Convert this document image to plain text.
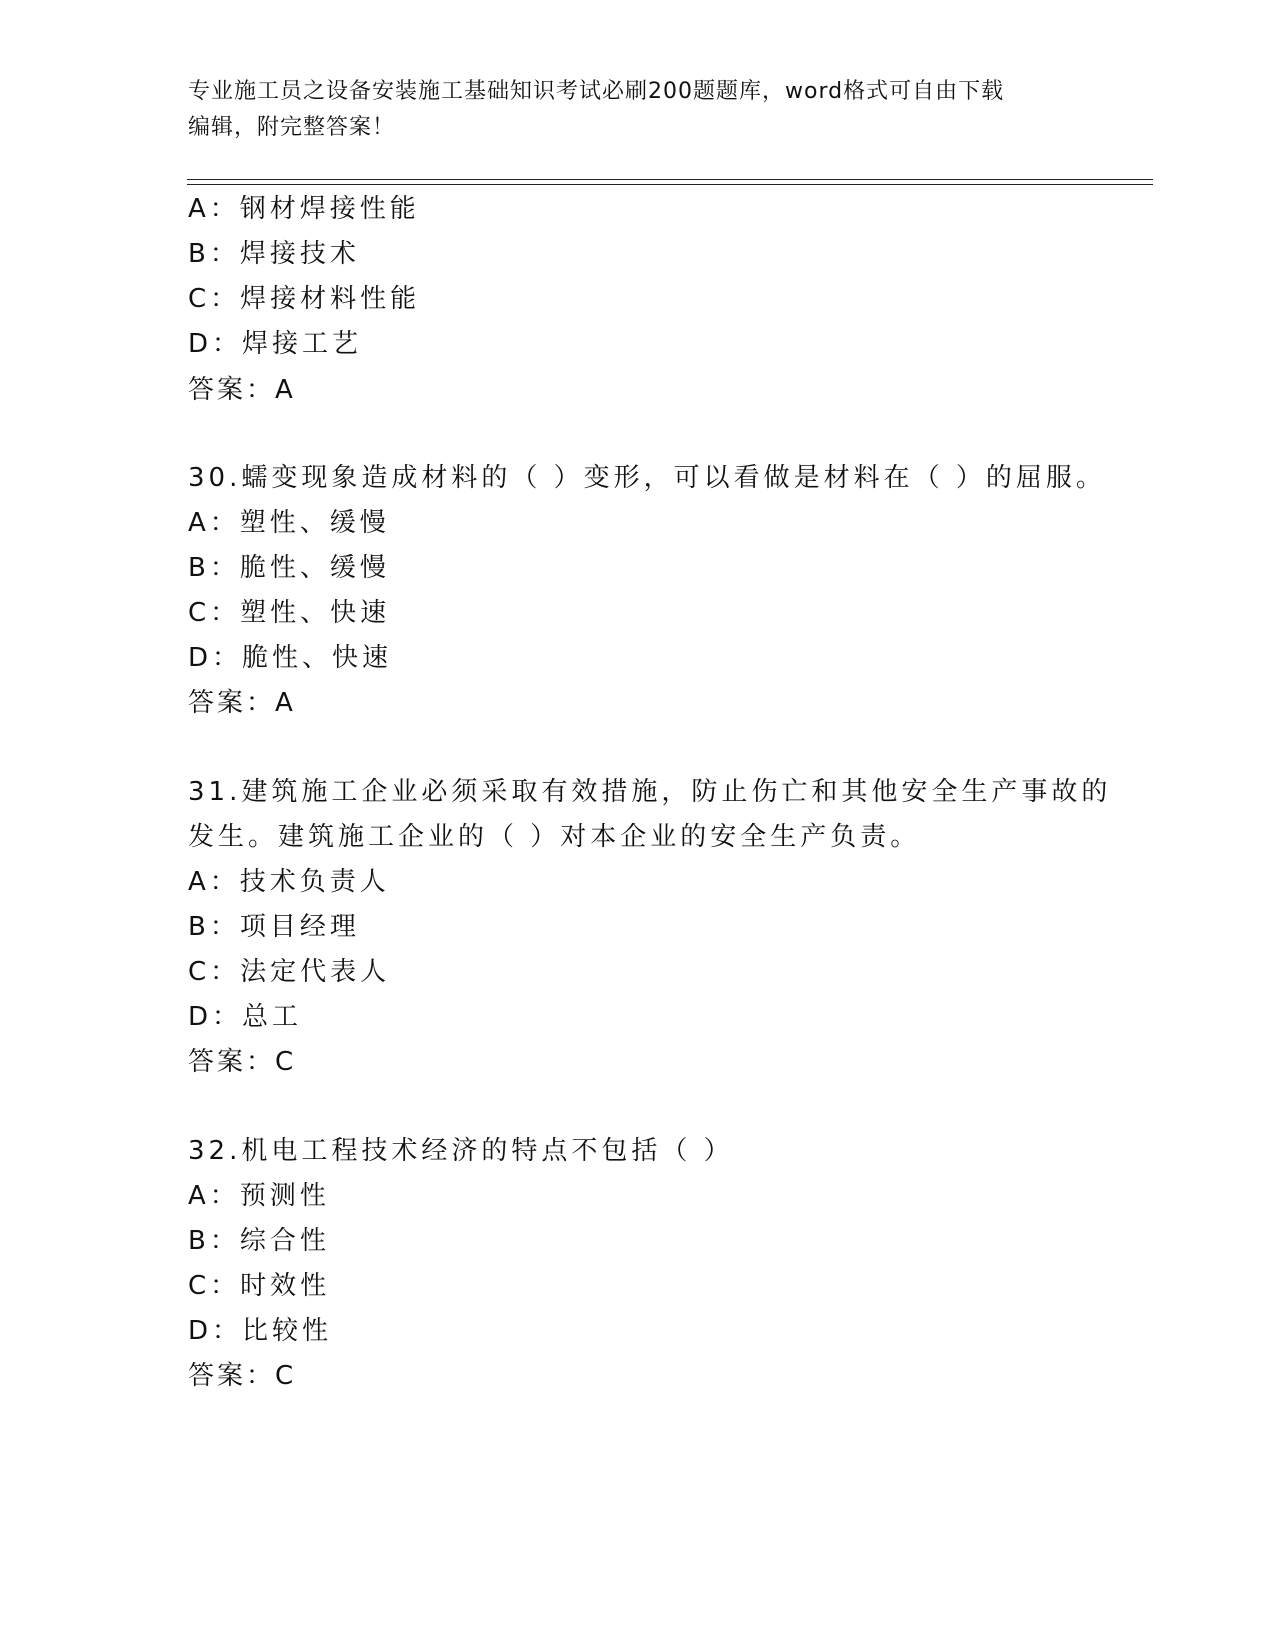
专业施工员之设备安装施工基础知识考试必刷200题题库，word格式可自由下载
编辑，附完整答案！
A：钢材焊接性能
B：焊接技术
C：焊接材料性能
D：焊接工艺
答案：A
30.蠕变现象造成材料的（ ）变形，可以看做是材料在（ ）的屈服。
A：塑性、缓慢
B：脆性、缓慢
C：塑性、快速
D：脆性、快速
答案：A
31.建筑施工企业必须采取有效措施，防止伤亡和其他安全生产事故的
发生。建筑施工企业的（ ）对本企业的安全生产负责。
A：技术负责人
B：项目经理
C：法定代表人
D：总工
答案：C
32.机电工程技术经济的特点不包括（ ）
A：预测性
B：综合性
C：时效性
D：比较性
答案：C
